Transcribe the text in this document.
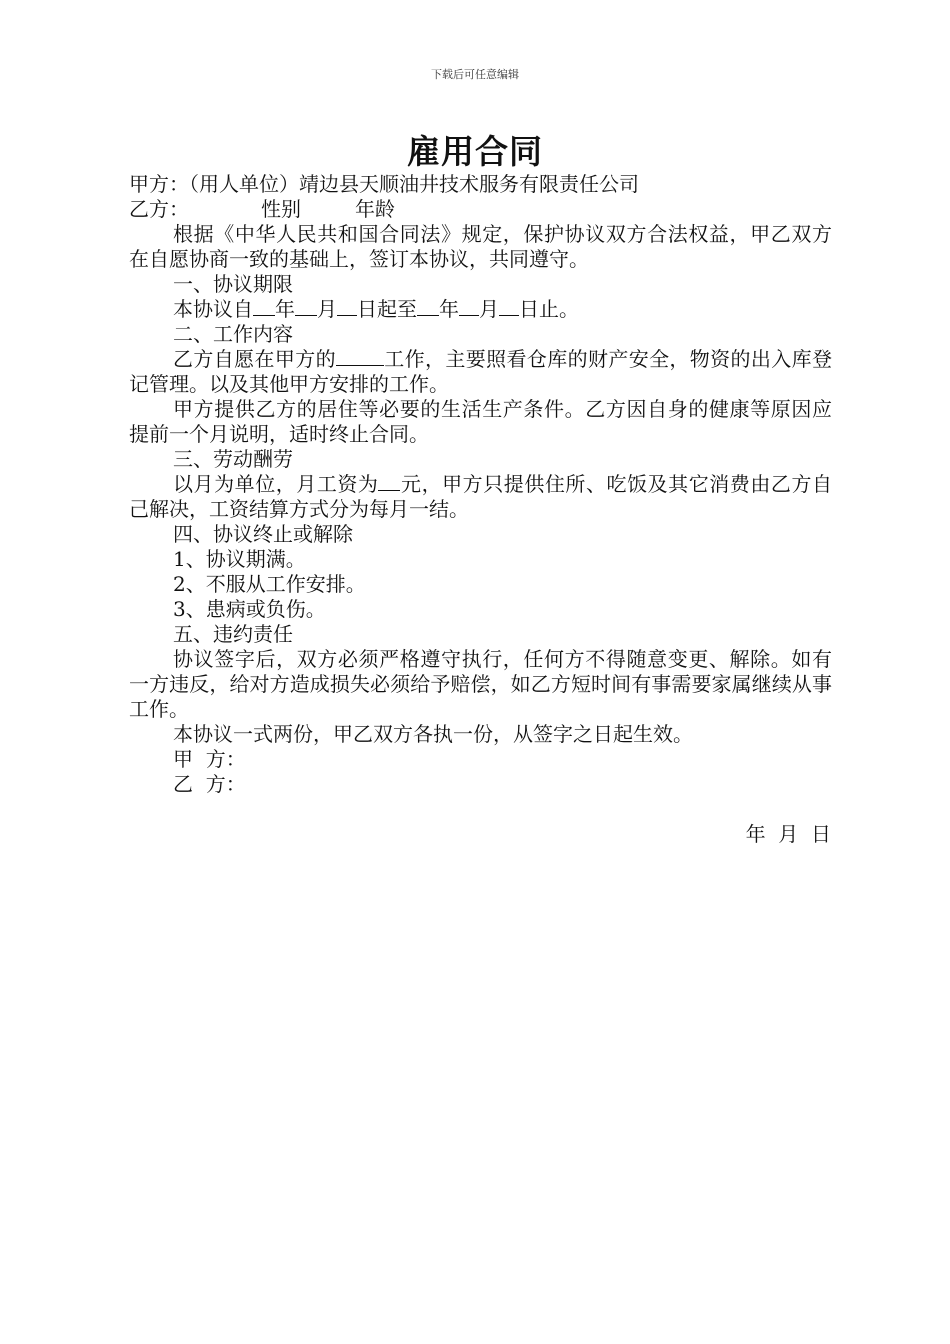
下载后可任意编辑
雇用合同

甲方：（用人单位）靖边县天顺油井技术服务有限责任公司

乙方：	性别	年龄

根据《中华人民共和国合同法》规定，保护协议双方合法权益，甲乙双方在自愿协商一致的基础上，签订本协议，共同遵守。

一、协议期限

本协议自 年 月 日起至 年 月 日止。

二、工作内容

乙方自愿在甲方的 工作，主要照看仓库的财产安全，物资的出入库登记管理。以及其他甲方安排的工作。

甲方提供乙方的居住等必要的生活生产条件。乙方因自身的健康等原因应提前一个月说明，适时终止合同。

三、劳动酬劳

以月为单位，月工资为 元，甲方只提供住所、吃饭及其它消费由乙方自己解决，工资结算方式分为每月一结。

四、协议终止或解除

1、协议期满。

2、不服从工作安排。

3、患病或负伤。

五、违约责任

协议签字后，双方必须严格遵守执行，任何方不得随意变更、解除。如有一方违反，给对方造成损失必须给予赔偿，如乙方短时间有事需要家属继续从事工作。

本协议一式两份，甲乙双方各执一份，从签字之日起生效。

甲  方：

乙  方：

年  月  日
